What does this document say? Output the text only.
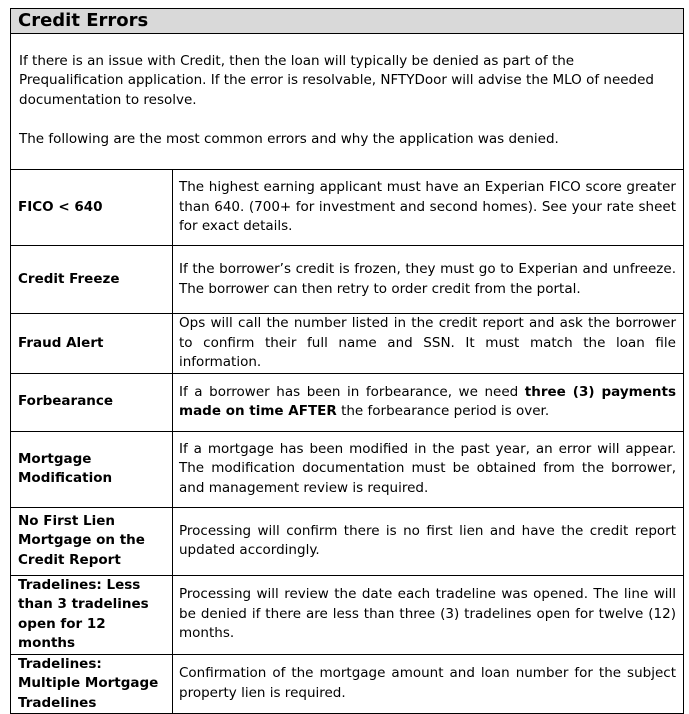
Credit Errors	

If there is an issue with Credit, then the loan will typically be denied as part of the Prequalification application. If the error is resolvable, NFTYDoor will advise the MLO of needed documentation to resolve.

The following are the most common errors and why the application was denied.	

FICO < 640	The highest earning applicant must have an Experian FICO score greater than 640. (700+ for investment and second homes). See your rate sheet for exact details.
Credit Freeze	If the borrower’s credit is frozen, they must go to Experian and unfreeze. The borrower can then retry to order credit from the portal.
Fraud Alert	Ops will call the number listed in the credit report and ask the borrower to confirm their full name and SSN. It must match the loan file information.
Forbearance	If a borrower has been in forbearance, we need three (3) payments made on time AFTER the forbearance period is over.
Mortgage Modification	If a mortgage has been modified in the past year, an error will appear. The modification documentation must be obtained from the borrower, and management review is required.
No First Lien Mortgage on the Credit Report	Processing will confirm there is no first lien and have the credit report updated accordingly.
Tradelines: Less than 3 tradelines open for 12 months	Processing will review the date each tradeline was opened. The line will be denied if there are less than three (3) tradelines open for twelve (12) months.
Tradelines: Multiple Mortgage Tradelines	Confirmation of the mortgage amount and loan number for the subject property lien is required.
